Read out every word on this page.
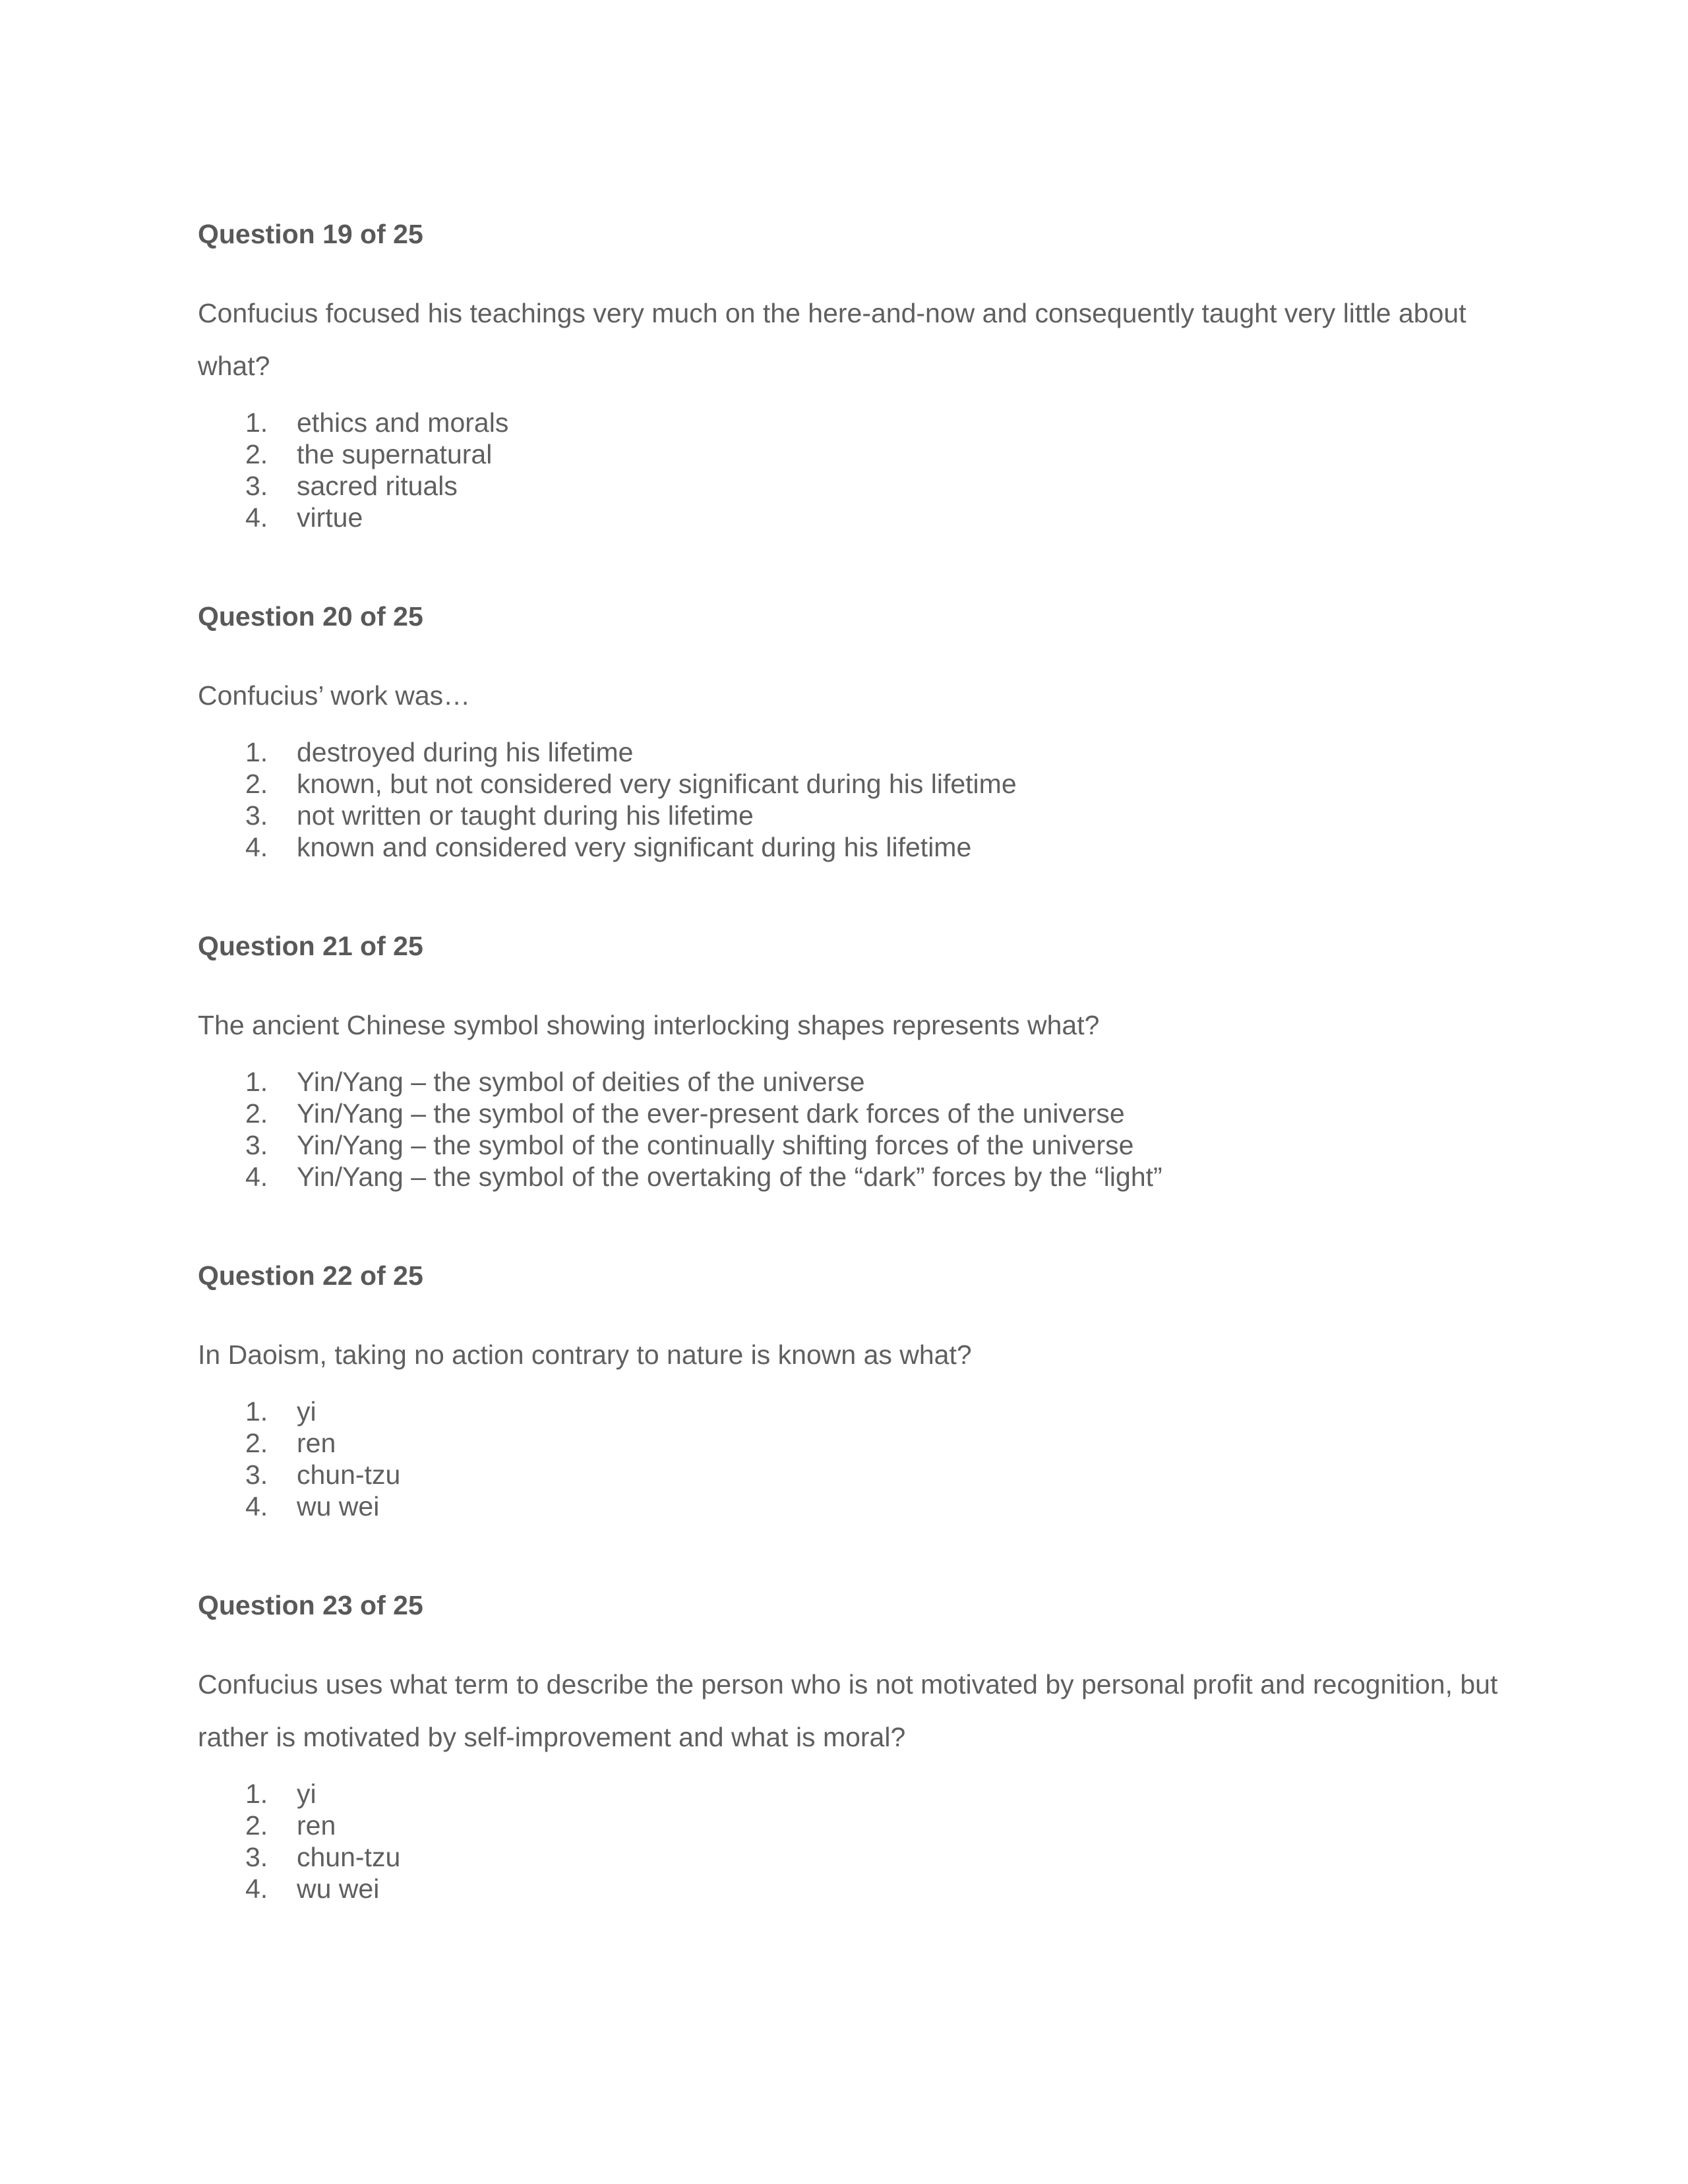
Question 19 of 25

Confucius focused his teachings very much on the here-and-now and consequently taught very little about what?

1. ethics and morals
2. the supernatural
3. sacred rituals
4. virtue
Question 20 of 25

Confucius’ work was…

1. destroyed during his lifetime
2. known, but not considered very significant during his lifetime
3. not written or taught during his lifetime
4. known and considered very significant during his lifetime
Question 21 of 25

The ancient Chinese symbol showing interlocking shapes represents what?

1. Yin/Yang – the symbol of deities of the universe
2. Yin/Yang – the symbol of the ever-present dark forces of the universe
3. Yin/Yang – the symbol of the continually shifting forces of the universe
4. Yin/Yang – the symbol of the overtaking of the “dark” forces by the “light”
Question 22 of 25

In Daoism, taking no action contrary to nature is known as what?

1. yi
2. ren
3. chun-tzu
4. wu wei
Question 23 of 25

Confucius uses what term to describe the person who is not motivated by personal profit and recognition, but rather is motivated by self-improvement and what is moral?

1. yi
2. ren
3. chun-tzu
4. wu wei
